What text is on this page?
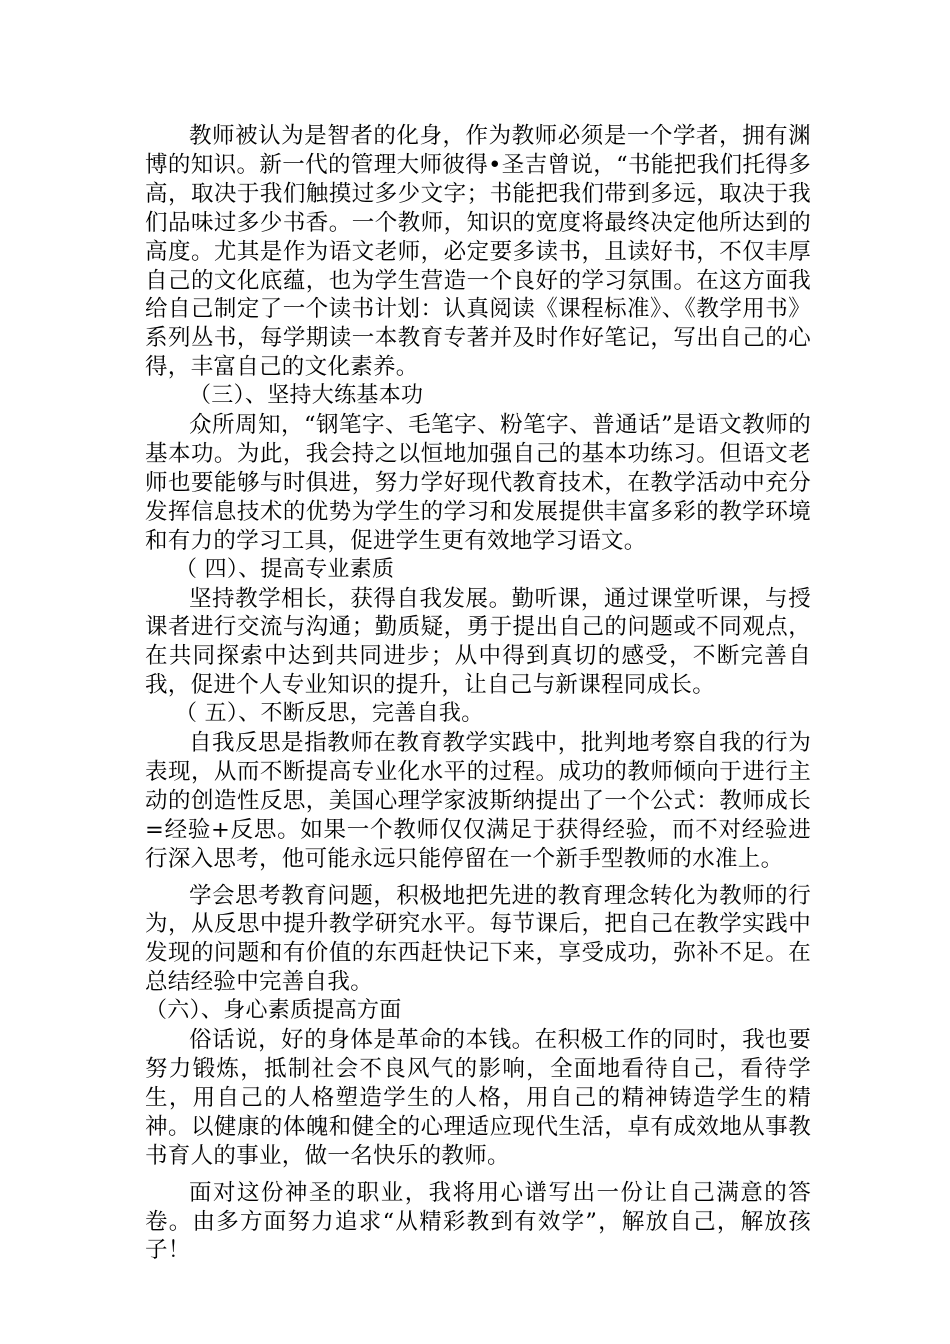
教师被认为是智者的化身，作为教师必须是一个学者，拥有渊博的知识。新一代的管理大师彼得•圣吉曾说，“书能把我们托得多高，取决于我们触摸过多少文字；书能把我们带到多远，取决于我们品味过多少书香。一个教师，知识的宽度将最终决定他所达到的高度。尤其是作为语文老师，必定要多读书，且读好书，不仅丰厚自己的文化底蕴，也为学生营造一个良好的学习氛围。在这方面我给自己制定了一个读书计划：认真阅读《课程标准》、《教学用书》系列丛书，每学期读一本教育专著并及时作好笔记，写出自己的心得，丰富自己的文化素养。

（三）、坚持大练基本功

众所周知，“钢笔字、毛笔字、粉笔字、普通话”是语文教师的基本功。为此，我会持之以恒地加强自己的基本功练习。但语文老师也要能够与时俱进，努力学好现代教育技术，在教学活动中充分发挥信息技术的优势为学生的学习和发展提供丰富多彩的教学环境和有力的学习工具，促进学生更有效地学习语文。

（ 四）、提高专业素质

坚持教学相长，获得自我发展。勤听课，通过课堂听课，与授课者进行交流与沟通；勤质疑，勇于提出自己的问题或不同观点，在共同探索中达到共同进步；从中得到真切的感受，不断完善自我，促进个人专业知识的提升，让自己与新课程同成长。

（ 五）、不断反思，完善自我。

自我反思是指教师在教育教学实践中，批判地考察自我的行为表现，从而不断提高专业化水平的过程。成功的教师倾向于进行主动的创造性反思，美国心理学家波斯纳提出了一个公式：教师成长=经验+反思。如果一个教师仅仅满足于获得经验，而不对经验进行深入思考，他可能永远只能停留在一个新手型教师的水准上。

学会思考教育问题，积极地把先进的教育理念转化为教师的行为，从反思中提升教学研究水平。每节课后，把自己在教学实践中发现的问题和有价值的东西赶快记下来，享受成功，弥补不足。在总结经验中完善自我。

（六）、身心素质提高方面

俗话说，好的身体是革命的本钱。在积极工作的同时，我也要努力锻炼，抵制社会不良风气的影响，全面地看待自己，看待学生，用自己的人格塑造学生的人格，用自己的精神铸造学生的精神。以健康的体魄和健全的心理适应现代生活，卓有成效地从事教书育人的事业，做一名快乐的教师。

面对这份神圣的职业，我将用心谱写出一份让自己满意的答卷。由多方面努力追求“从精彩教到有效学”，解放自己，解放孩子！
